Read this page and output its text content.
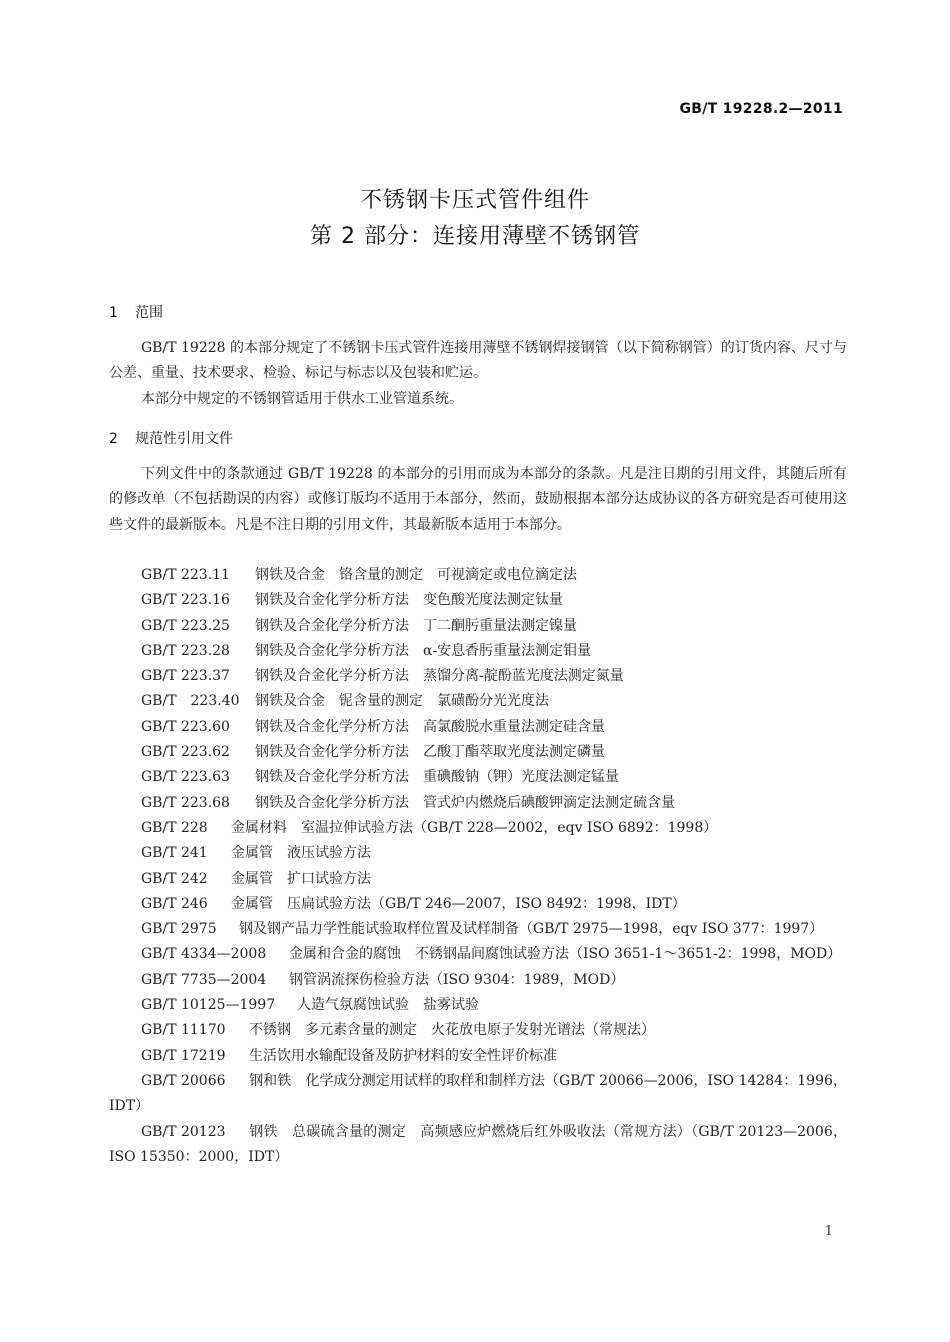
GB/T 19228.2—2011
不锈钢卡压式管件组件
第 2 部分：连接用薄壁不锈钢管
1 范围

GB/T 19228 的本部分规定了不锈钢卡压式管件连接用薄壁不锈钢焊接钢管（以下简称钢管）的订货内容、尺寸与公差、重量、技术要求、检验、标记与标志以及包装和贮运。

本部分中规定的不锈钢管适用于供水工业管道系统。

2 规范性引用文件

下列文件中的条款通过 GB/T 19228 的本部分的引用而成为本部分的条款。凡是注日期的引用文件，其随后所有的修改单（不包括勘误的内容）或修订版均不适用于本部分，然而，鼓励根据本部分达成协议的各方研究是否可使用这些文件的最新版本。凡是不注日期的引用文件，其最新版本适用于本部分。

GB/T 223.11 钢铁及合金　铬含量的测定　可视滴定或电位滴定法
GB/T 223.16 钢铁及合金化学分析方法　变色酸光度法测定钛量
GB/T 223.25 钢铁及合金化学分析方法　丁二酮肟重量法测定镍量
GB/T 223.28 钢铁及合金化学分析方法　α-安息香肟重量法测定钼量
GB/T 223.37 钢铁及合金化学分析方法　蒸馏分离-靛酚蓝光度法测定氮量
GB/T　223.40 钢铁及合金　铌含量的测定　氯磺酚分光光度法
GB/T 223.60 钢铁及合金化学分析方法　高氯酸脱水重量法测定硅含量
GB/T 223.62 钢铁及合金化学分析方法　乙酸丁酯萃取光度法测定磷量
GB/T 223.63 钢铁及合金化学分析方法　重碘酸钠（钾）光度法测定锰量
GB/T 223.68 钢铁及合金化学分析方法　管式炉内燃烧后碘酸钾滴定法测定硫含量
GB/T 228 金属材料　室温拉伸试验方法（GB/T 228—2002，eqv ISO 6892：1998）
GB/T 241 金属管　液压试验方法
GB/T 242 金属管　扩口试验方法
GB/T 246 金属管　压扁试验方法（GB/T 246—2007，ISO 8492：1998，IDT）
GB/T 2975 钢及钢产品力学性能试验取样位置及试样制备（GB/T 2975—1998，eqv ISO 377：1997）
GB/T 4334—2008 金属和合金的腐蚀　不锈钢晶间腐蚀试验方法（ISO 3651-1～3651-2：1998，MOD）
GB/T 7735—2004 钢管涡流探伤检验方法（ISO 9304：1989，MOD）
GB/T 10125—1997 人造气氛腐蚀试验　盐雾试验
GB/T 11170 不锈钢　多元素含量的测定　火花放电原子发射光谱法（常规法）
GB/T 17219 生活饮用水输配设备及防护材料的安全性评价标准
GB/T 20066 钢和铁　化学成分测定用试样的取样和制样方法（GB/T 20066—2006，ISO 14284：1996，IDT）
GB/T 20123 钢铁　总碳硫含量的测定　高频感应炉燃烧后红外吸收法（常规方法）（GB/T 20123—2006，ISO 15350：2000，IDT）
1
